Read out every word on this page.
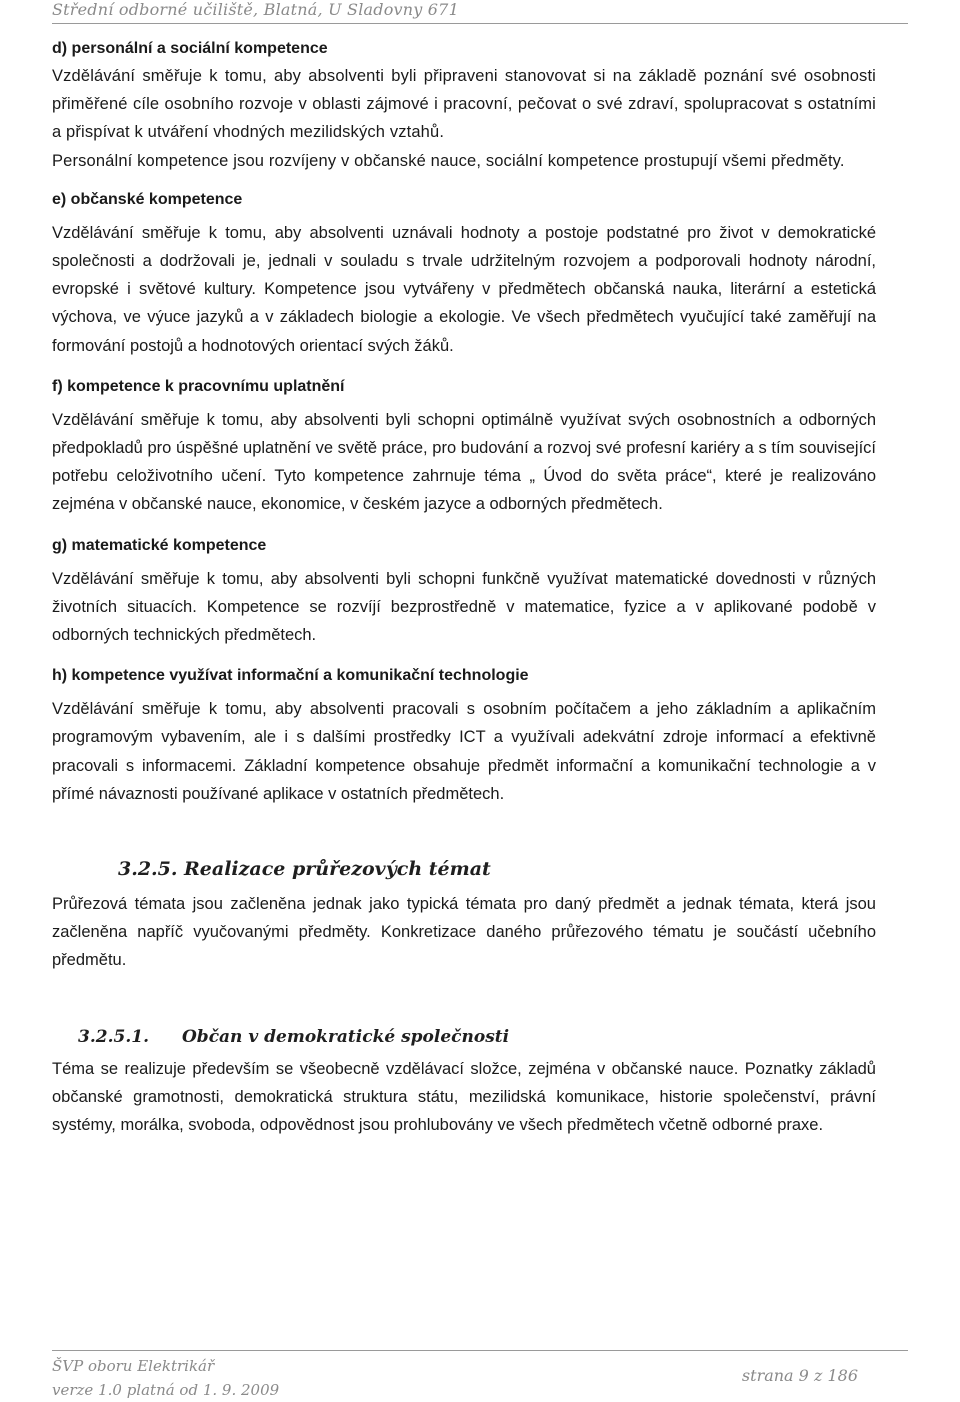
Střední odborné učiliště, Blatná, U Sladovny 671

d) personální a sociální kompetence

Vzdělávání směřuje k tomu, aby absolventi byli připraveni stanovovat si na základě poznání své osobnosti přiměřené cíle osobního rozvoje v oblasti zájmové i pracovní, pečovat o své zdraví, spolupracovat s ostatními a přispívat k utváření vhodných mezilidských vztahů.

Personální kompetence jsou rozvíjeny v občanské nauce, sociální kompetence prostupují všemi předměty.

e) občanské kompetence

Vzdělávání směřuje k tomu, aby absolventi uznávali hodnoty a postoje podstatné pro život v demokratické společnosti a dodržovali je, jednali v souladu s trvale udržitelným rozvojem a podporovali hodnoty národní, evropské i světové kultury. Kompetence jsou vytvářeny v předmětech občanská nauka, literární a estetická výchova, ve výuce jazyků a v základech biologie a ekologie. Ve všech předmětech vyučující také zaměřují na formování postojů a hodnotových orientací svých žáků.

f) kompetence k pracovnímu uplatnění

Vzdělávání směřuje k tomu, aby absolventi byli schopni optimálně využívat svých osobnostních a odborných předpokladů pro úspěšné uplatnění ve světě práce, pro budování a rozvoj své profesní kariéry a s tím související potřebu celoživotního učení. Tyto kompetence zahrnuje téma „ Úvod do světa práce“, které je realizováno zejména v občanské nauce, ekonomice, v českém jazyce a odborných předmětech.

g) matematické kompetence

Vzdělávání směřuje k tomu, aby absolventi byli schopni funkčně využívat matematické dovednosti v různých životních situacích. Kompetence se rozvíjí bezprostředně v matematice, fyzice a v aplikované podobě v odborných technických předmětech.

h) kompetence využívat informační a komunikační technologie

Vzdělávání směřuje k tomu, aby absolventi pracovali s osobním počítačem a jeho základním a aplikačním programovým vybavením, ale i s dalšími prostředky ICT a využívali adekvátní zdroje informací a efektivně pracovali s informacemi. Základní kompetence obsahuje předmět informační a komunikační technologie a v přímé návaznosti používané aplikace v ostatních předmětech.

3.2.5. Realizace průřezových témat

Průřezová témata jsou začleněna jednak jako typická témata pro daný předmět a jednak témata, která jsou začleněna napříč vyučovanými předměty. Konkretizace daného průřezového tématu je součástí učebního předmětu.

3.2.5.1. Občan v demokratické společnosti

Téma se realizuje především se všeobecně vzdělávací složce, zejména v občanské nauce. Poznatky základů občanské gramotnosti, demokratická struktura státu, mezilidská komunikace, historie společenství, právní systémy, morálka, svoboda, odpovědnost jsou prohlubovány ve všech předmětech včetně odborné praxe.

ŠVP oboru Elektrikář
verze 1.0 platná od 1. 9. 2009
strana 9 z 186
